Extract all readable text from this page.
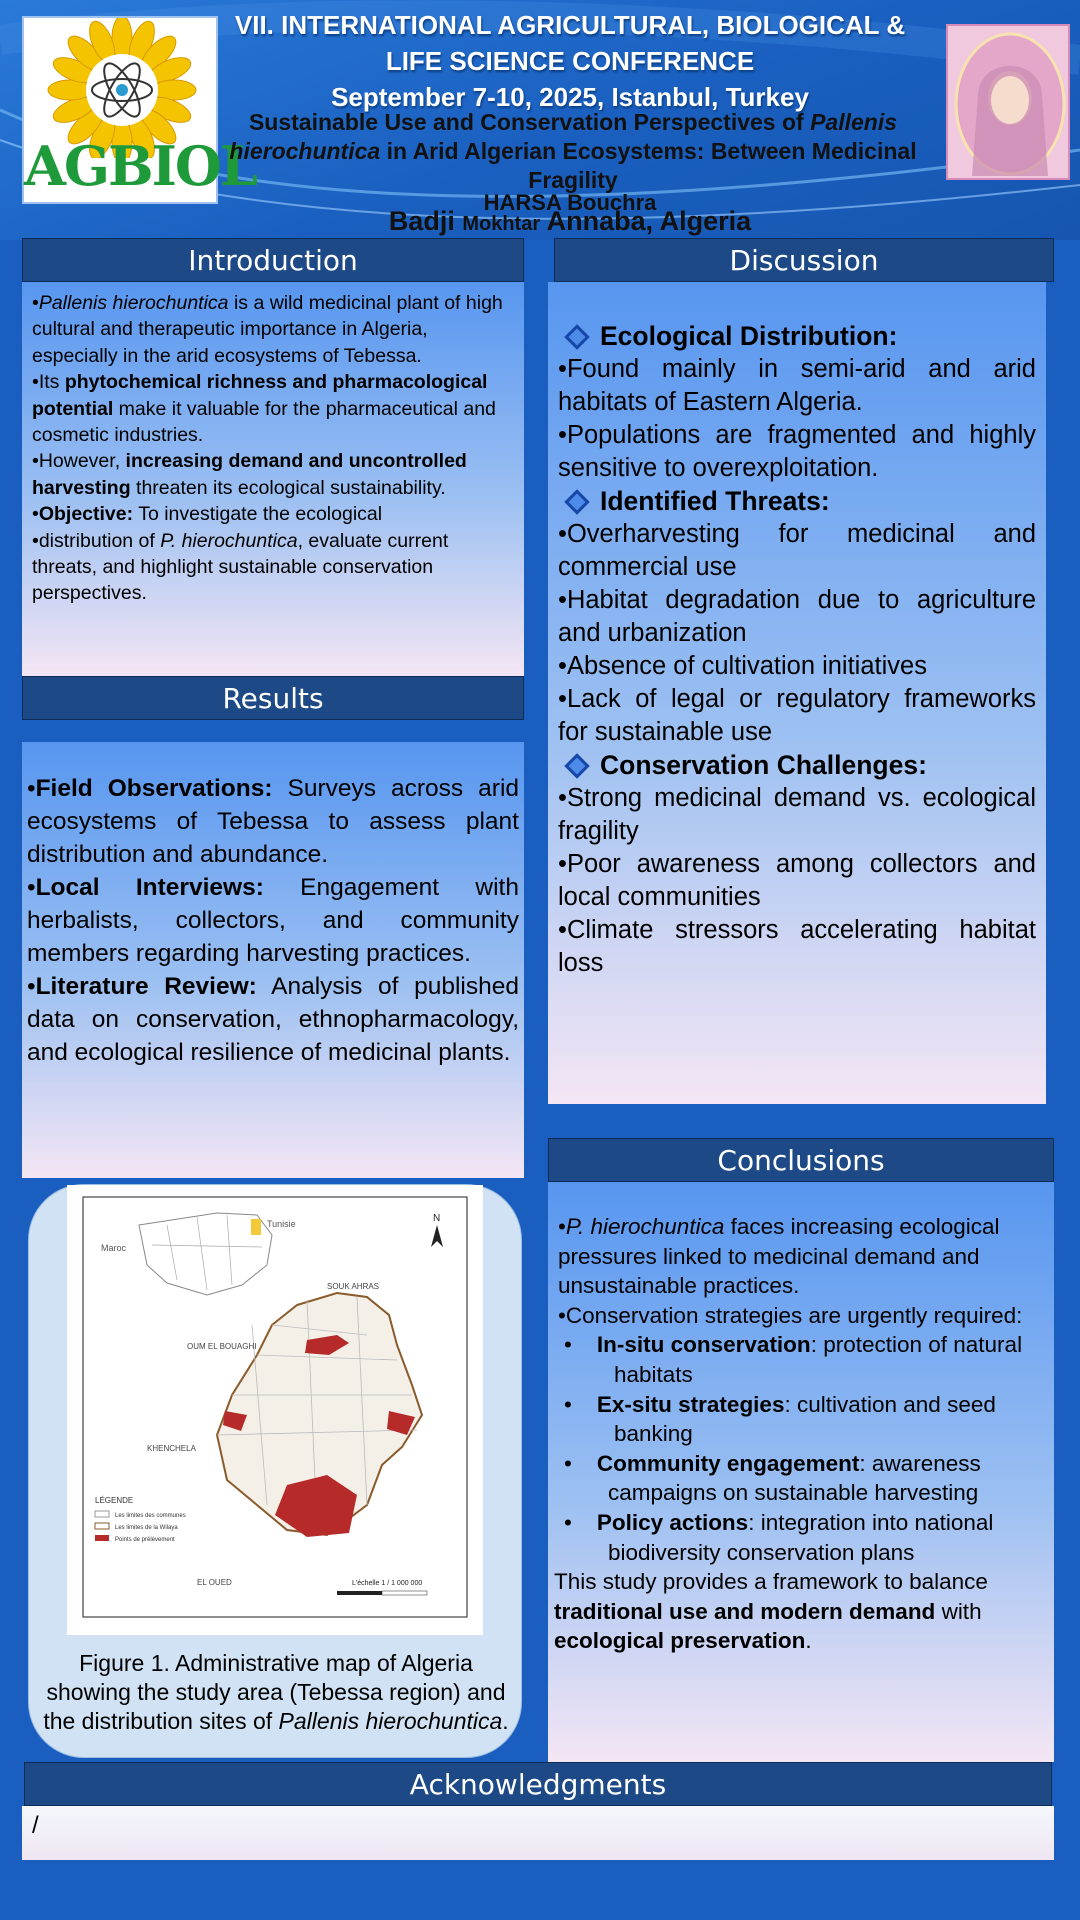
AGBIOL
VII. INTERNATIONAL AGRICULTURAL, BIOLOGICAL &
LIFE SCIENCE CONFERENCE
September 7-10, 2025, Istanbul, Turkey
Sustainable Use and Conservation Perspectives of Pallenis hierochuntica in Arid Algerian Ecosystems: Between Medicinal Fragility
HARSA Bouchra
Badji Mokhtar Annaba, Algeria
Introduction

•Pallenis hierochuntica is a wild medicinal plant of high cultural and therapeutic importance in Algeria, especially in the arid ecosystems of Tebessa.

•Its phytochemical richness and pharmacological potential make it valuable for the pharmaceutical and cosmetic industries.

•However, increasing demand and uncontrolled harvesting threaten its ecological sustainability.

•Objective: To investigate the ecological

•distribution of P. hierochuntica, evaluate current threats, and highlight sustainable conservation perspectives.

Results

•Field Observations: Surveys across arid ecosystems of Tebessa to assess plant distribution and abundance.

•Local Interviews: Engagement with herbalists, collectors, and community members regarding harvesting practices.

•Literature Review: Analysis of published data on conservation, ethnopharmacology, and ecological resilience of medicinal plants.

Tunisie
Maroc
N
SOUK AHRAS
OUM EL BOUAGHI
KHENCHELA
EL OUED
LÉGENDE
Les limites des communes
Les limites de la Wilaya
Points de prélèvement
L'échelle 1 / 1 000 000
Figure 1. Administrative map of Algeria showing the study area (Tebessa region) and the distribution sites of Pallenis hierochuntica.
Discussion

Ecological Distribution:

•Found mainly in semi-arid and arid habitats of Eastern Algeria.

•Populations are fragmented and highly sensitive to overexploitation.

Identified Threats:

•Overharvesting for medicinal and commercial use

•Habitat degradation due to agriculture and urbanization

•Absence of cultivation initiatives

•Lack of legal or regulatory frameworks for sustainable use

Conservation Challenges:

•Strong medicinal demand vs. ecological fragility

•Poor awareness among collectors and local communities

•Climate stressors accelerating habitat loss

Conclusions

•P. hierochuntica faces increasing ecological pressures linked to medicinal demand and unsustainable practices.

•Conservation strategies are urgently required:

•    In-situ conservation: protection of natural habitats

•    Ex-situ strategies: cultivation and seed banking

•    Community engagement: awareness campaigns on sustainable harvesting

•    Policy actions: integration into national biodiversity conservation plans

This study provides a framework to balance traditional use and modern demand with ecological preservation.

Acknowledgments
/
